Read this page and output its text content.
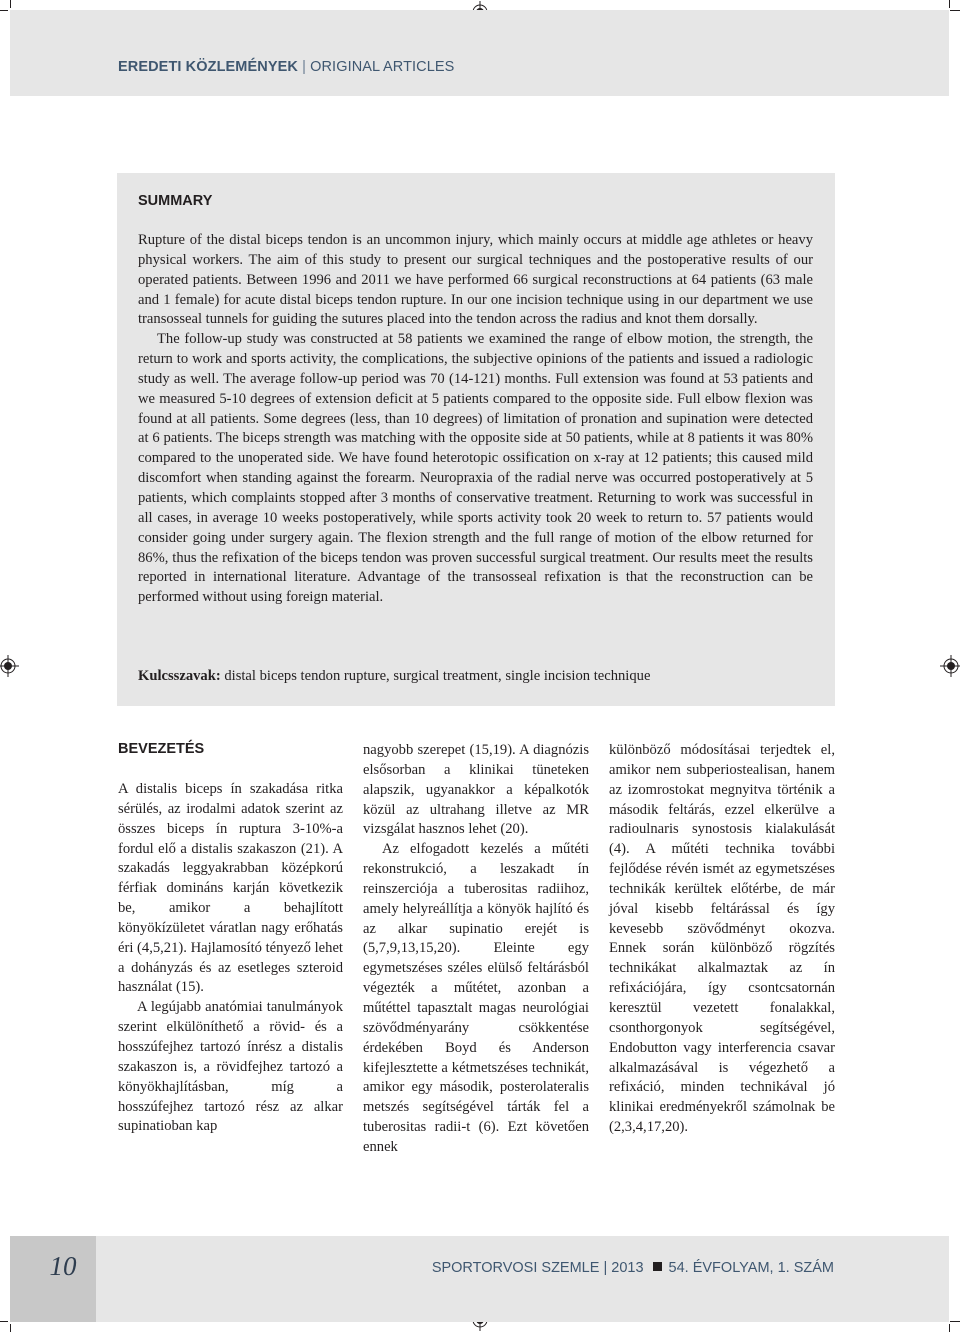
EREDETI KÖZLEMÉNYEK | ORIGINAL ARTICLES
SUMMARY

Rupture of the distal biceps tendon is an uncommon injury, which mainly occurs at middle age athletes or heavy physical workers. The aim of this study to present our surgical techniques and the postoperative results of our operated patients. Between 1996 and 2011 we have performed 66 surgical reconstructions at 64 patients (63 male and 1 female) for acute distal biceps tendon rupture. In our one incision technique using in our department we use transosseal tunnels for guiding the sutures placed into the tendon across the radius and knot them dorsally.

The follow-up study was constructed at 58 patients we examined the range of elbow motion, the strength, the return to work and sports activity, the complications, the subjective opinions of the patients and issued a radiologic study as well. The average follow-up period was 70 (14-121) months. Full extension was found at 53 patients and we measured 5-10 degrees of extension deficit at 5 patients compared to the opposite side. Full elbow flexion was found at all patients. Some degrees (less, than 10 degrees) of limitation of pronation and supination were detected at 6 patients. The biceps strength was matching with the opposite side at 50 patients, while at 8 patients it was 80% compared to the unoperated side. We have found heterotopic ossification on x-ray at 12 patients; this caused mild discomfort when standing against the forearm. Neuropraxia of the radial nerve was occurred postoperatively at 5 patients, which complaints stopped after 3 months of conservative treatment. Returning to work was successful in all cases, in average 10 weeks postoperatively, while sports activity took 20 week to return to. 57 patients would consider going under surgery again. The flexion strength and the full range of motion of the elbow returned for 86%, thus the refixation of the biceps tendon was proven successful surgical treatment. Our results meet the results reported in international literature. Advantage of the transosseal refixation is that the reconstruction can be performed without using foreign material.

Kulcsszavak: distal biceps tendon rupture, surgical treatment, single incision technique
BEVEZETÉS

A distalis biceps ín szakadása ritka sérülés, az irodalmi adatok szerint az összes biceps ín ruptura 3-10%-a fordul elő a distalis szakaszon (21). A szakadás leggyakrabban középkorú férfiak domináns karján következik be, amikor a behajlított könyökízületet váratlan nagy erőhatás éri (4,5,21). Hajlamosító tényező lehet a dohányzás és az esetleges szteroid használat (15).

A legújabb anatómiai tanulmányok szerint elkülöníthető a rövid- és a hosszúfejhez tartozó ínrész a distalis szakaszon is, a rövidfejhez tartozó a könyökhajlításban, míg a hosszúfejhez tartozó rész az alkar supinatioban kap

nagyobb szerepet (15,19). A diagnózis elsősorban a klinikai tüneteken alapszik, ugyanakkor a képalkotók közül az ultrahang illetve az MR vizsgálat hasznos lehet (20).

Az elfogadott kezelés a műtéti rekonstrukció, a leszakadt ín reinszerciója a tuberositas radiihoz, amely helyreállítja a könyök hajlító és az alkar supinatio erejét is (5,7,9,13,15,20). Eleinte egy egymetszéses széles elülső feltárásból végezték a műtétet, azonban a műtéttel tapasztalt magas neurológiai szövődményarány csökkentése érdekében Boyd és Anderson kifejlesztette a kétmetszéses technikát, amikor egy második, posterolateralis metszés segítségével tárták fel a tuberositas radii-t (6). Ezt követően ennek

különböző módosításai terjedtek el, amikor nem subperiostealisan, hanem az izomrostokat megnyitva történik a második feltárás, ezzel elkerülve a radioulnaris synostosis kialakulását (4). A műtéti technika további fejlődése révén ismét az egymetszéses technikák kerültek előtérbe, de már jóval kisebb feltárással és így kevesebb szövődményt okozva. Ennek során különböző rögzítés technikákat alkalmaztak az ín refixációjára, így csontcsatornán keresztül vezetett fonalakkal, csonthorgonyok segítségével, Endobutton vagy interferencia csavar alkalmazásával is végezhető a refixáció, minden technikával jó klinikai eredményekről számolnak be (2,3,4,17,20).

10	SPORTORVOSI SZEMLE | 2013 54. ÉVFOLYAM, 1. SZÁM
